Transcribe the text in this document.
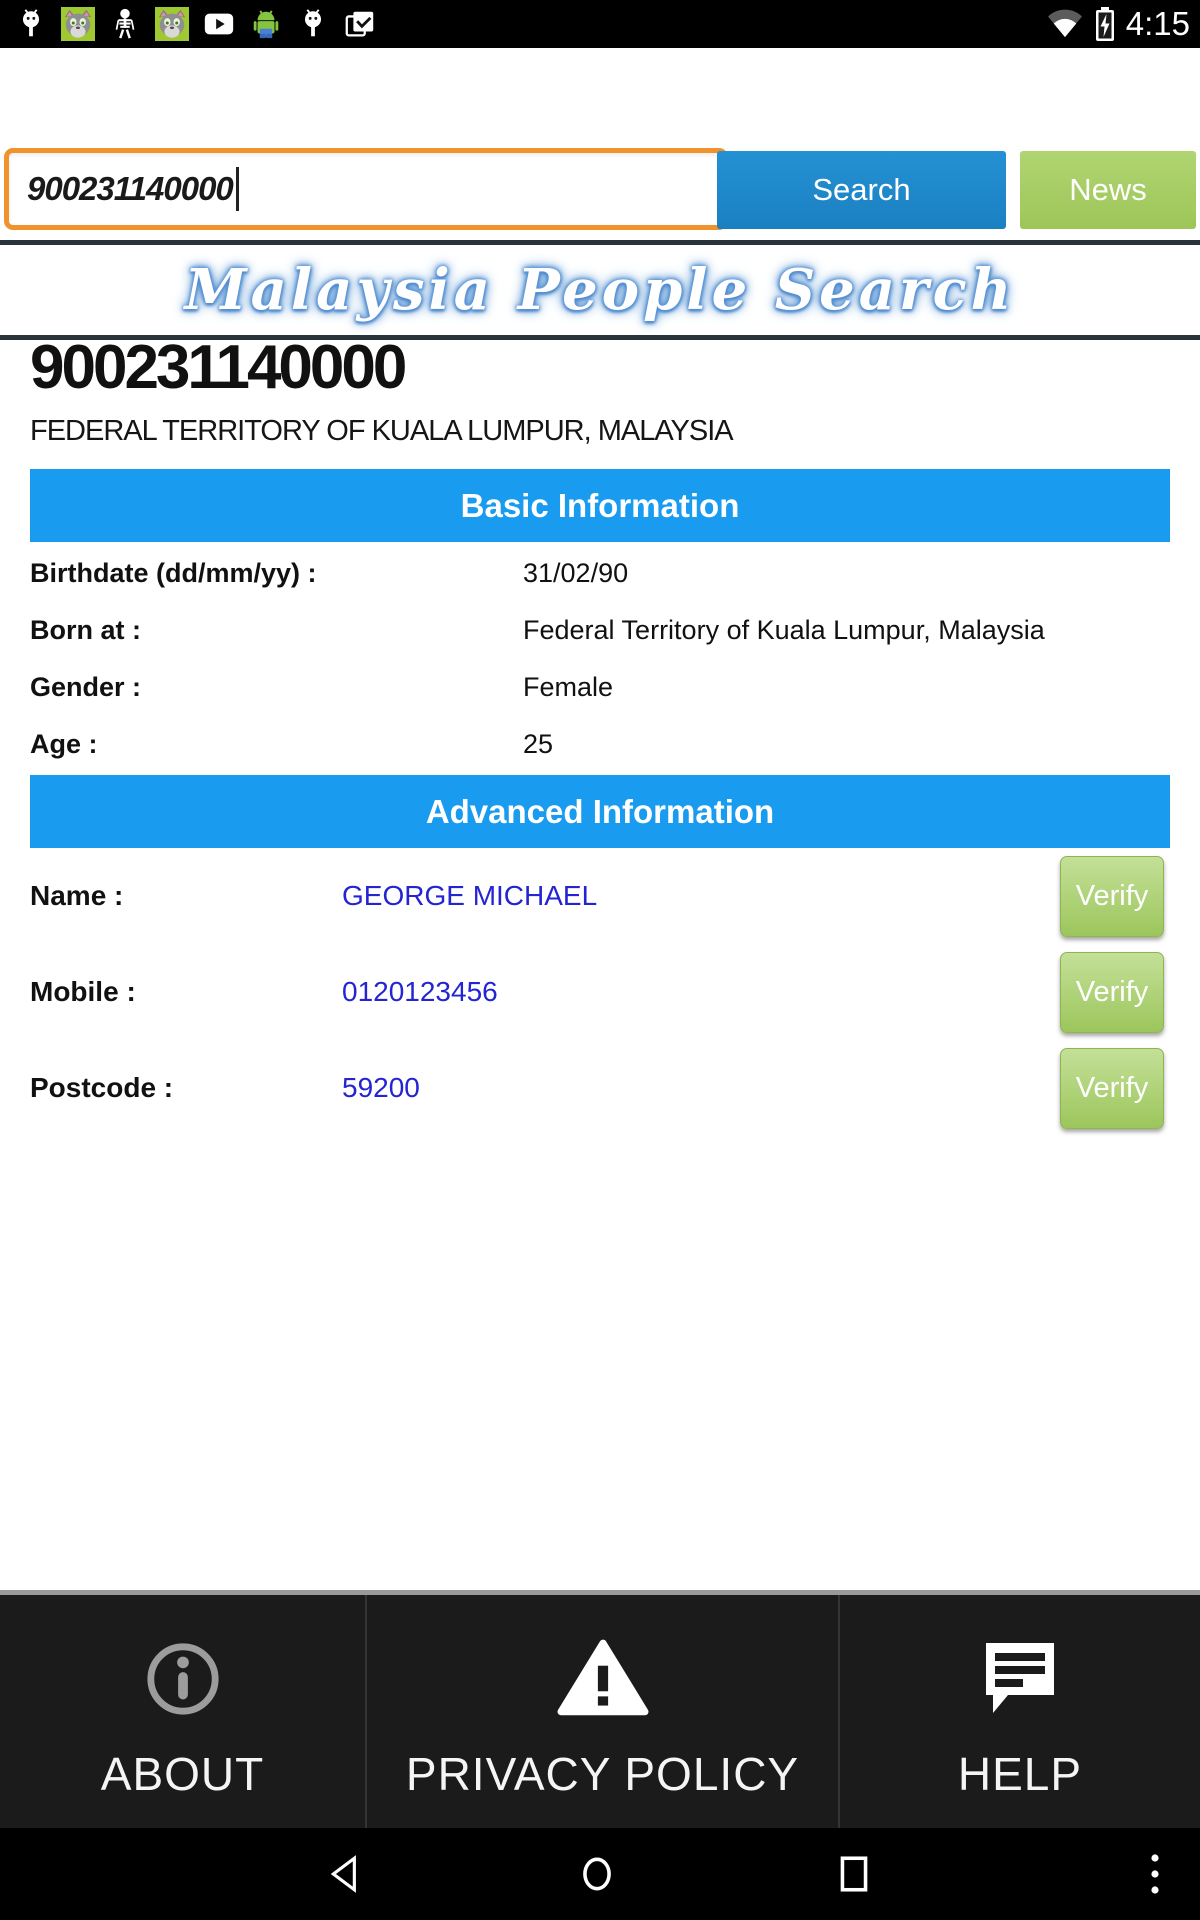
4:15
900231140000	Search	News
Malaysia People Search
900231140000
FEDERAL TERRITORY OF KUALA LUMPUR, MALAYSIA
Basic Information
Birthdate (dd/mm/yy) :	31/02/90
Born at :	Federal Territory of Kuala Lumpur, Malaysia
Gender :	Female
Age :	25
Advanced Information
Name :	GEORGE MICHAEL	Verify
Mobile :	0120123456	Verify
Postcode :	59200	Verify
ABOUT	PRIVACY POLICY	HELP
